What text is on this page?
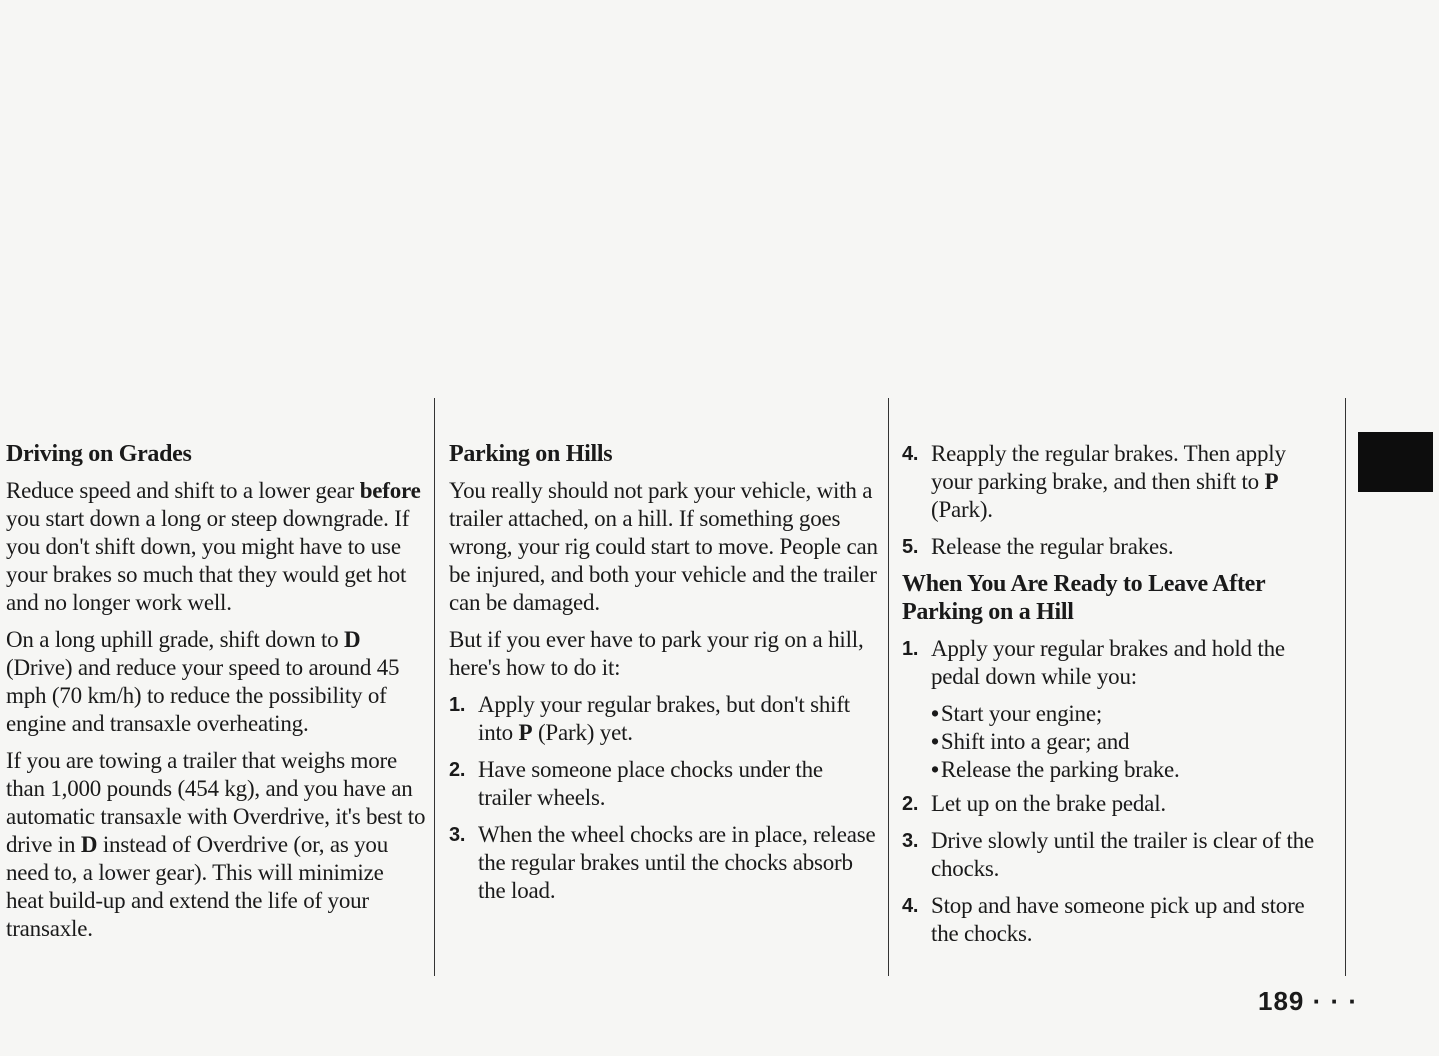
Driving on Grades

Reduce speed and shift to a lower gear before you start down a long or steep downgrade. If you don't shift down, you might have to use your brakes so much that they would get hot and no longer work well.

On a long uphill grade, shift down to D (Drive) and reduce your speed to around 45 mph (70 km/h) to reduce the possibility of engine and transaxle overheating.

If you are towing a trailer that weighs more than 1,000 pounds (454 kg), and you have an automatic transaxle with Overdrive, it's best to drive in D instead of Overdrive (or, as you need to, a lower gear). This will minimize heat build-up and extend the life of your transaxle.

Parking on Hills

You really should not park your vehicle, with a trailer attached, on a hill. If something goes wrong, your rig could start to move. People can be injured, and both your vehicle and the trailer can be damaged.

But if you ever have to park your rig on a hill, here's how to do it:

1. Apply your regular brakes, but don't shift into P (Park) yet.
2. Have someone place chocks under the trailer wheels.
3. When the wheel chocks are in place, release the regular brakes until the chocks absorb the load.
4. Reapply the regular brakes. Then apply your parking brake, and then shift to P (Park).
5. Release the regular brakes.
When You Are Ready to Leave After Parking on a Hill
1. Apply your regular brakes and hold the pedal down while you:
•Start your engine;
•Shift into a gear; and
•Release the parking brake.
2. Let up on the brake pedal.
3. Drive slowly until the trailer is clear of the chocks.
4. Stop and have someone pick up and store the chocks.
189 · · ·
